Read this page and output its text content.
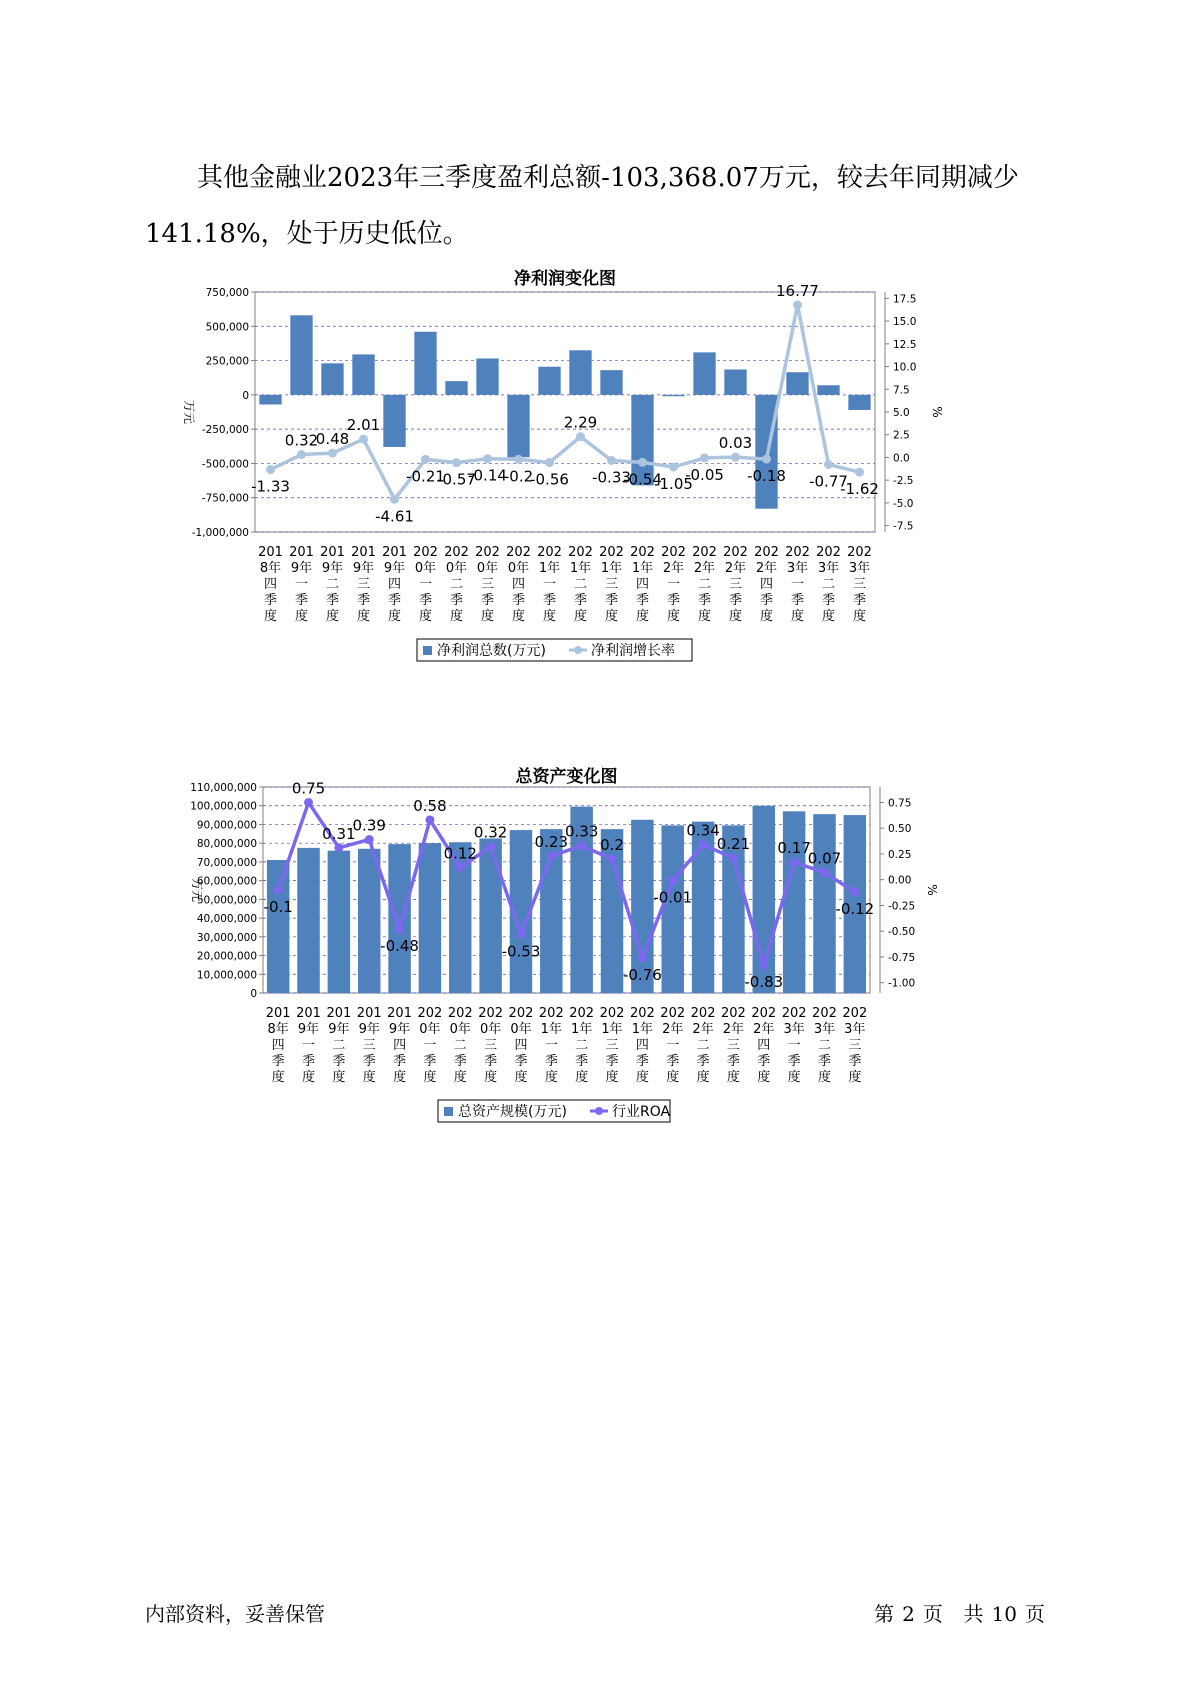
其他金融业2023年三季度盈利总额-103,368.07万元，较去年同期减少
141.18%，处于历史低位。

净利润变化图
750,000
500,000
250,000
0
-250,000
-500,000
-750,000
-1,000,000
17.5
15.0
12.5
10.0
7.5
5.0
2.5
0.0
-2.5
-5.0
-7.5
万元	%
-1.33
0.32
0.48
2.01
-4.61
-0.21
-0.57
-0.14
-0.2
-0.56
2.29
-0.33
-0.54
-1.05
-0.05
0.03
-0.18
16.77
-0.77
-1.62
201
8年
四
季
度
201
9年
一
季
度
201
9年
二
季
度
201
9年
三
季
度
201
9年
四
季
度
202
0年
一
季
度
202
0年
二
季
度
202
0年
三
季
度
202
0年
四
季
度
202
1年
一
季
度
202
1年
二
季
度
202
1年
三
季
度
202
1年
四
季
度
202
2年
一
季
度
202
2年
二
季
度
202
2年
三
季
度
202
2年
四
季
度
202
3年
一
季
度
202
3年
二
季
度
202
3年
三
季
度
净利润总数(万元)	净利润增长率
总资产变化图
110,000,000
100,000,000
90,000,000
80,000,000
70,000,000
60,000,000
50,000,000
40,000,000
30,000,000
20,000,000
10,000,000
0
0.75
0.50
0.25
0.00
-0.25
-0.50
-0.75
-1.00
万元	%
-0.1
0.75
0.31
0.39
-0.48
0.58
0.12
0.32
-0.53
0.23
0.33
0.2
-0.76
-0.01
0.34
0.21
-0.83
0.17
0.07
-0.12
201
8年
四
季
度
201
9年
一
季
度
201
9年
二
季
度
201
9年
三
季
度
201
9年
四
季
度
202
0年
一
季
度
202
0年
二
季
度
202
0年
三
季
度
202
0年
四
季
度
202
1年
一
季
度
202
1年
二
季
度
202
1年
三
季
度
202
1年
四
季
度
202
2年
一
季
度
202
2年
二
季
度
202
2年
三
季
度
202
2年
四
季
度
202
3年
一
季
度
202
3年
二
季
度
202
3年
三
季
度
总资产规模(万元)	行业ROA
内部资料，妥善保管	第 2 页 共 10 页
